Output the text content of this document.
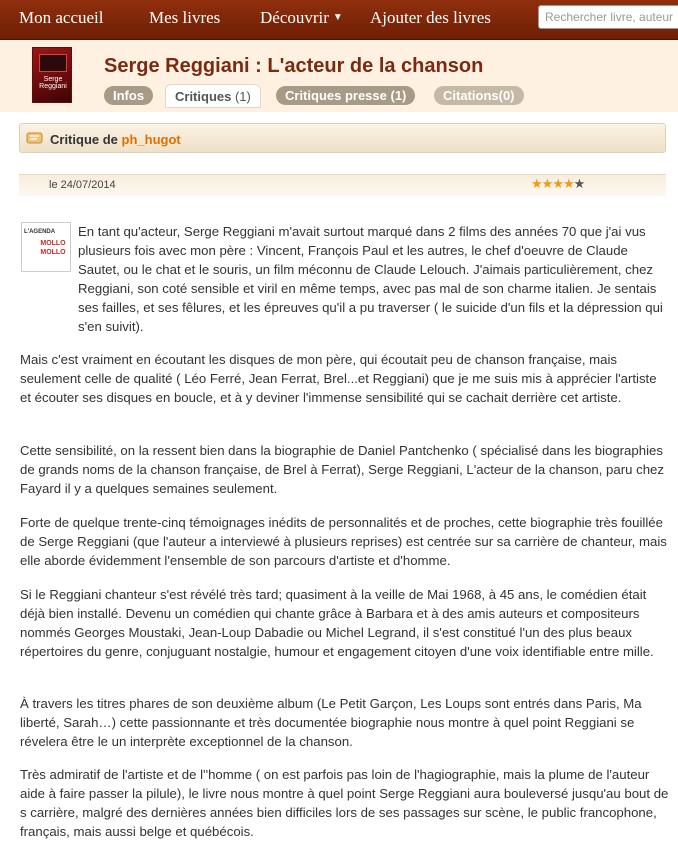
Mon accueil	Mes livres Découvrir ▼ Ajouter des livres
Rechercher livre, auteur
Serge Reggiani
Serge Reggiani : L'acteur de la chanson
Infos	Critiques (1)	Critiques presse (1)	Citations(0)
Critique de ph_hugot
le 24/07/2014	★★★★★
L'AGENDA
MOLLO MOLLO

En tant qu'acteur, Serge Reggiani m'avait surtout marqué dans 2 films des années 70 que j'ai vus plusieurs fois avec mon père : Vincent, François Paul et les autres, le chef d'oeuvre de Claude Sautet, ou le chat et le souris, un film méconnu de Claude Lelouch. J'aimais particulièrement, chez Reggiani, son coté sensible et viril en même temps, avec pas mal de son charme italien. Je sentais ses failles, et ses fêlures, et les épreuves qu'il a pu traverser ( le suicide d'un fils et la dépression qui s'en suivit).

Mais c'est vraiment en écoutant les disques de mon père, qui écoutait peu de chanson française, mais seulement celle de qualité ( Léo Ferré, Jean Ferrat, Brel...et Reggiani) que je me suis mis à apprécier l'artiste et écouter ses disques en boucle, et à y deviner l'immense sensibilité qui se cachait derrière cet artiste.

Cette sensibilité, on la ressent bien dans la biographie de Daniel Pantchenko ( spécialisé dans les biographies de grands noms de la chanson française, de Brel à Ferrat), Serge Reggiani, L'acteur de la chanson, paru chez Fayard il y a quelques semaines seulement.

Forte de quelque trente-cinq témoignages inédits de personnalités et de proches, cette biographie très fouillée de Serge Reggiani (que l'auteur a interviewé à plusieurs reprises) est centrée sur sa carrière de chanteur, mais elle aborde évidemment l'ensemble de son parcours d'artiste et d'homme.

Si le Reggiani chanteur s'est révélé très tard; quasiment à la veille de Mai 1968, à 45 ans, le comédien était déjà bien installé. Devenu un comédien qui chante grâce à Barbara et à des amis auteurs et compositeurs nommés Georges Moustaki, Jean-Loup Dabadie ou Michel Legrand, il s'est constitué l'un des plus beaux répertoires du genre, conjuguant nostalgie, humour et engagement citoyen d'une voix identifiable entre mille.

À travers les titres phares de son deuxième album (Le Petit Garçon, Les Loups sont entrés dans Paris, Ma liberté, Sarah…) cette passionnante et très documentée biographie nous montre à quel point Reggiani se révelera être le un interprète exceptionnel de la chanson.

Très admiratif de l'artiste et de l''homme ( on est parfois pas loin de l'hagiographie, mais la plume de l'auteur aide à faire passer la pilule), le livre nous montre à quel point Serge Reggiani aura bouleversé jusqu'au bout de s carrière, malgré des dernières années bien difficiles lors de ses passages sur scène, le public francophone, français, mais aussi belge et québécois.
